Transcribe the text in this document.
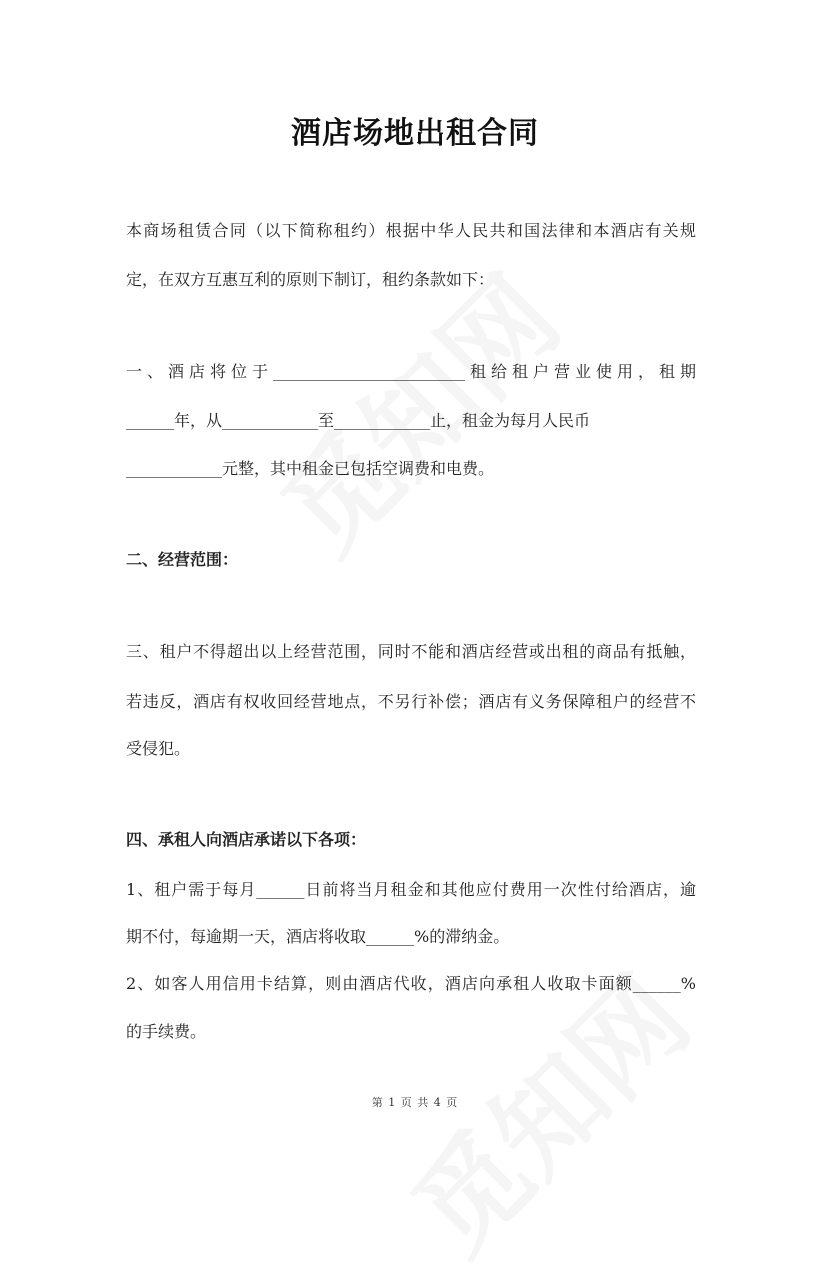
酒店场地出租合同
本商场租赁合同（以下简称租约）根据中华人民共和国法律和本酒店有关规
定，在双方互惠互利的原则下制订，租约条款如下：
一、酒店将位于________________________租给租户营业使用，租期
______年，从____________至____________止，租金为每月人民币
____________元整，其中租金已包括空调费和电费。
二、经营范围：
三、租户不得超出以上经营范围，同时不能和酒店经营或出租的商品有抵触，
若违反，酒店有权收回经营地点，不另行补偿；酒店有义务保障租户的经营不
受侵犯。
四、承租人向酒店承诺以下各项：
1、租户需于每月______日前将当月租金和其他应付费用一次性付给酒店，逾
期不付，每逾期一天，酒店将收取______%的滞纳金。
2、如客人用信用卡结算，则由酒店代收，酒店向承租人收取卡面额______%
的手续费。
第 1 页 共 4 页
